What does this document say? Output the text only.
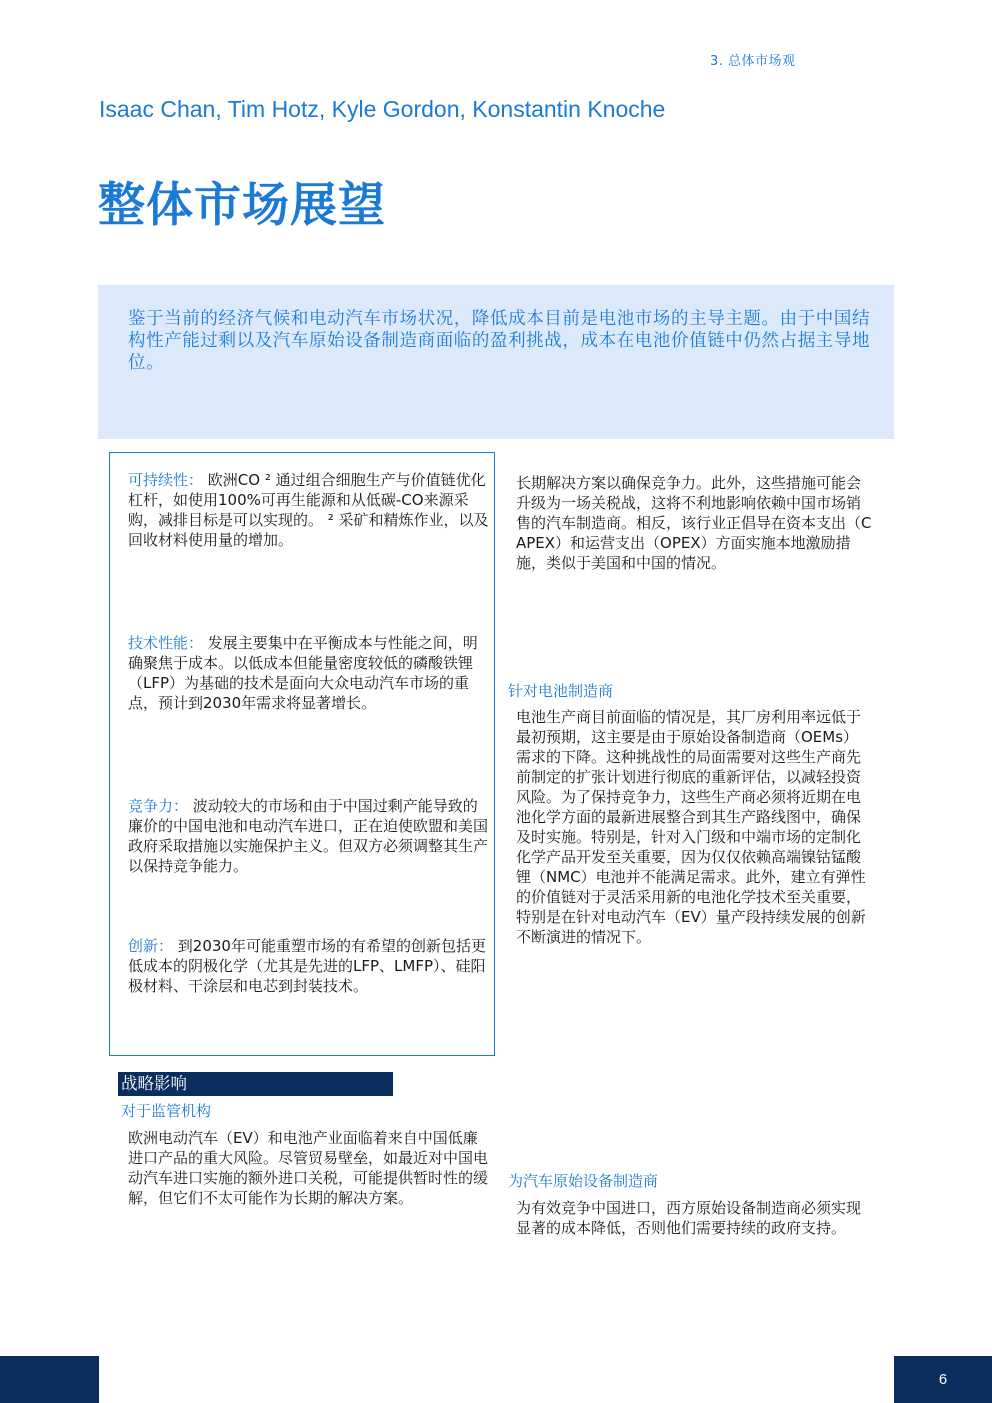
3. 总体市场观
Isaac Chan, Tim Hotz, Kyle Gordon, Konstantin Knoche
整体市场展望

鉴于当前的经济气候和电动汽车市场状况，降低成本目前是电池市场的主导主题。由于中国结构性产能过剩以及汽车原始设备制造商面临的盈利挑战，成本在电池价值链中仍然占据主导地位。

可持续性： 欧洲CO ² 通过组合细胞生产与价值链优化杠杆，如使用100%可再生能源和从低碳-CO来源采购，减排目标是可以实现的。 ² 采矿和精炼作业，以及回收材料使用量的增加。

技术性能： 发展主要集中在平衡成本与性能之间，明确聚焦于成本。以低成本但能量密度较低的磷酸铁锂（LFP）为基础的技术是面向大众电动汽车市场的重点，预计到2030年需求将显著增长。

竞争力： 波动较大的市场和由于中国过剩产能导致的廉价的中国电池和电动汽车进口，正在迫使欧盟和美国政府采取措施以实施保护主义。但双方必须调整其生产以保持竞争能力。

创新： 到2030年可能重塑市场的有希望的创新包括更低成本的阴极化学（尤其是先进的LFP、LMFP）、硅阳极材料、干涂层和电芯到封装技术。

长期解决方案以确保竞争力。此外，这些措施可能会升级为一场关税战，这将不利地影响依赖中国市场销售的汽车制造商。相反，该行业正倡导在资本支出（CAPEX）和运营支出（OPEX）方面实施本地激励措施，类似于美国和中国的情况。

针对电池制造商

电池生产商目前面临的情况是，其厂房利用率远低于最初预期，这主要是由于原始设备制造商（OEMs）需求的下降。这种挑战性的局面需要对这些生产商先前制定的扩张计划进行彻底的重新评估，以减轻投资风险。为了保持竞争力，这些生产商必须将近期在电池化学方面的最新进展整合到其生产路线图中，确保及时实施。特别是，针对入门级和中端市场的定制化化学产品开发至关重要，因为仅仅依赖高端镍钴锰酸锂（NMC）电池并不能满足需求。此外，建立有弹性的价值链对于灵活采用新的电池化学技术至关重要，特别是在针对电动汽车（EV）量产段持续发展的创新不断演进的情况下。

战略影响
对于监管机构

欧洲电动汽车（EV）和电池产业面临着来自中国低廉进口产品的重大风险。尽管贸易壁垒，如最近对中国电动汽车进口实施的额外进口关税，可能提供暂时性的缓解，但它们不太可能作为长期的解决方案。

为汽车原始设备制造商

为有效竞争中国进口，西方原始设备制造商必须实现显著的成本降低，否则他们需要持续的政府支持。

6
